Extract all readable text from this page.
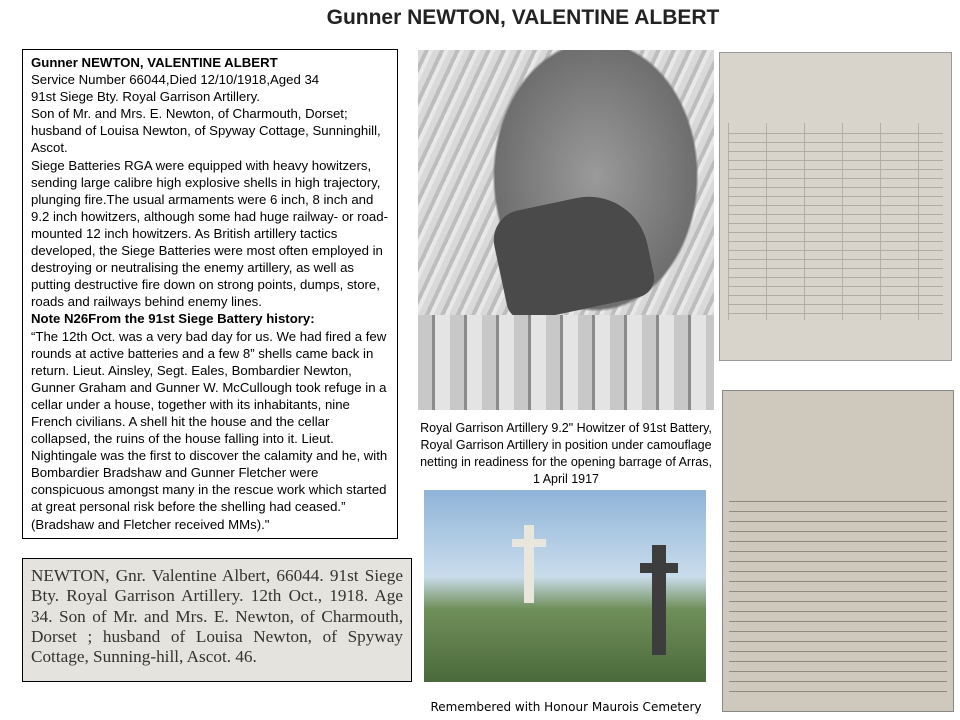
Gunner NEWTON, VALENTINE ALBERT

Gunner NEWTON, VALENTINE ALBERT

Service Number 66044,Died 12/10/1918,Aged 34

91st Siege Bty. Royal Garrison Artillery.

Son of Mr. and Mrs. E. Newton, of Charmouth, Dorset; husband of Louisa Newton, of Spyway Cottage, Sunninghill, Ascot.

Siege Batteries RGA were equipped with heavy howitzers, sending large calibre high explosive shells in high trajectory, plunging fire.The usual armaments were 6 inch, 8 inch and 9.2 inch howitzers, although some had huge railway- or road-mounted 12 inch howitzers. As British artillery tactics developed, the Siege Batteries were most often employed in destroying or neutralising the enemy artillery, as well as putting destructive fire down on strong points, dumps, store, roads and railways behind enemy lines.

Note N26From the 91st Siege Battery history:

“The 12th Oct. was a very bad day for us. We had fired a few rounds at active batteries and a few 8” shells came back in return. Lieut. Ainsley, Segt. Eales, Bombardier Newton, Gunner Graham and Gunner W. McCullough took refuge in a cellar under a house, together with its inhabitants, nine French civilians. A shell hit the house and the cellar collapsed, the ruins of the house falling into it. Lieut. Nightingale was the first to discover the calamity and he, with Bombardier Bradshaw and Gunner Fletcher were conspicuous amongst many in the rescue work which started at great personal risk before the shelling had ceased.” (Bradshaw and Fletcher received MMs)."

Royal Garrison Artillery 9.2" Howitzer of 91st Battery, Royal Garrison Artillery in position under camouflage netting in readiness for the opening barrage of Arras, 1 April 1917
Remembered with Honour Maurois Cemetery
NEWTON, Gnr. Valentine Albert, 66044. 91st Siege Bty. Royal Garrison Artillery. 12th Oct., 1918. Age 34. Son of Mr. and Mrs. E. Newton, of Charmouth, Dorset ; husband of Louisa Newton, of Spyway Cottage, Sunning-hill, Ascot. 46.
